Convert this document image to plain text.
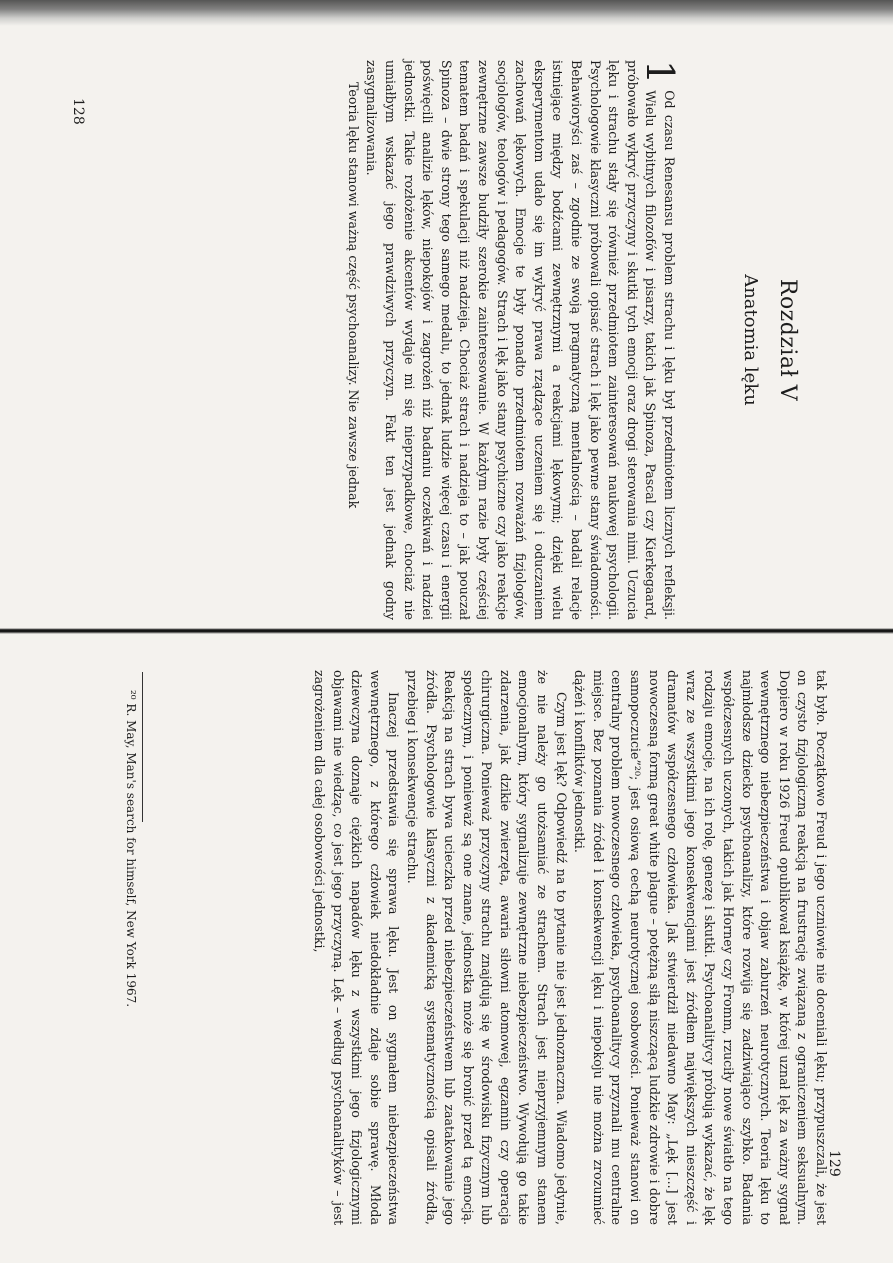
Rozdział V
Anatomia lęku

1
Od czasu Renesansu problem strachu i lęku był przedmiotem licznych refleksji. Wielu wybitnych filozofów i pisarzy, takich jak Spinoza, Pascal czy Kierkegaard, próbowało wykryć przyczyny i skutki tych emocji oraz drogi sterowania nimi. Uczucia lęku i strachu stały się również przedmiotem zainteresowań naukowej psychologii. Psychologowie klasyczni próbowali opisać strach i lęk jako pewne stany świadomości. Behawioryści zaś – zgodnie ze swoją pragmatyczną mentalnością – badali relacje istniejące między bodźcami zewnętrznymi a reakcjami lękowymi; dzięki wielu eksperymentom udało się im wykryć prawa rządzące uczeniem się i oduczaniem zachowań lękowych. Emocje te były ponadto przedmiotem rozważań fizjologów, socjologów, teologów i pedagogów. Strach i lęk jako stany psychiczne czy jako reakcje zewnętrzne zawsze budziły szerokie zainteresowanie. W każdym razie były częściej tematem badań i spekulacji niż nadzieja. Chociaż strach i nadzieja to – jak pouczał Spinoza – dwie strony tego samego medalu, to jednak ludzie więcej czasu i energii poświęcili analizie lęków, niepokojów i zagrożeń niż badaniu oczekiwań i nadziei jednostki. Takie rozłożenie akcentów wydaje mi się nieprzypadkowe, chociaż nie umiałbym wskazać jego prawdziwych przyczyn. Fakt ten jest jednak godny zasygnalizowania.

Teoria lęku stanowi ważną część psychoanalizy. Nie zawsze jednak

128

tak było. Początkowo Freud i jego uczniowie nie doceniali lęku; przypuszczali, że jest on czysto fizjologiczną reakcją na frustrację związaną z ograniczeniem seksualnym. Dopiero w roku 1926 Freud opublikował książkę, w której uznał lęk za ważny sygnał wewnętrznego niebezpieczeństwa i objaw zaburzeń neurotycznych. Teoria lęku to najmłodsze dziecko psychoanalizy, które rozwija się zadziwiająco szybko. Badania współczesnych uczonych, takich jak Horney czy Fromm, rzuciły nowe światło na tego rodzaju emocje, na ich rolę, genezę i skutki. Psychoanalitycy próbują wykazać, że lęk wraz ze wszystkimi jego konsekwencjami jest źródłem największych nieszczęść i dramatów współczesnego człowieka. Jak stwierdził niedawno May: „Lęk [...] jest nowoczesną formą great white plague – potężną siłą niszczącą ludzkie zdrowie i dobre samopoczucie”²⁰; jest osiową cechą neurotycznej osobowości. Ponieważ stanowi on centralny problem nowoczesnego człowieka, psychoanalitycy przyznali mu centralne miejsce. Bez poznania źródeł i konsekwencji lęku i niepokoju nie można zrozumieć dążeń i konfliktów jednostki.

Czym jest lęk? Odpowiedź na to pytanie nie jest jednoznaczna. Wiadomo jedynie, że nie należy go utożsamiać ze strachem. Strach jest nieprzyjemnym stanem emocjonalnym, który sygnalizuje zewnętrzne niebezpieczeństwo. Wywołują go takie zdarzenia, jak dzikie zwierzęta, awaria siłowni atomowej, egzamin czy operacja chirurgiczna. Ponieważ przyczyny strachu znajdują się w środowisku fizycznym lub społecznym, i ponieważ są one znane, jednostka może się bronić przed tą emocją. Reakcją na strach bywa ucieczka przed niebezpieczeństwem lub zaatakowanie jego źródła. Psychologowie klasyczni z akademicką systematycznością opisali źródła, przebieg i konsekwencje strachu.

Inaczej przedstawia się sprawa lęku. Jest on sygnałem niebezpieczeństwa wewnętrznego, z którego człowiek niedokładnie zdaje sobie sprawę. Młoda dziewczyna doznaje ciężkich napadów lęku z wszystkimi jego fizjologicznymi objawami nie wiedząc, co jest jego przyczyną. Lęk – według psychoanalityków – jest zagrożeniem dla całej osobowości jednostki,

²⁰ R. May, Man's search for himself, New York 1967.
129
